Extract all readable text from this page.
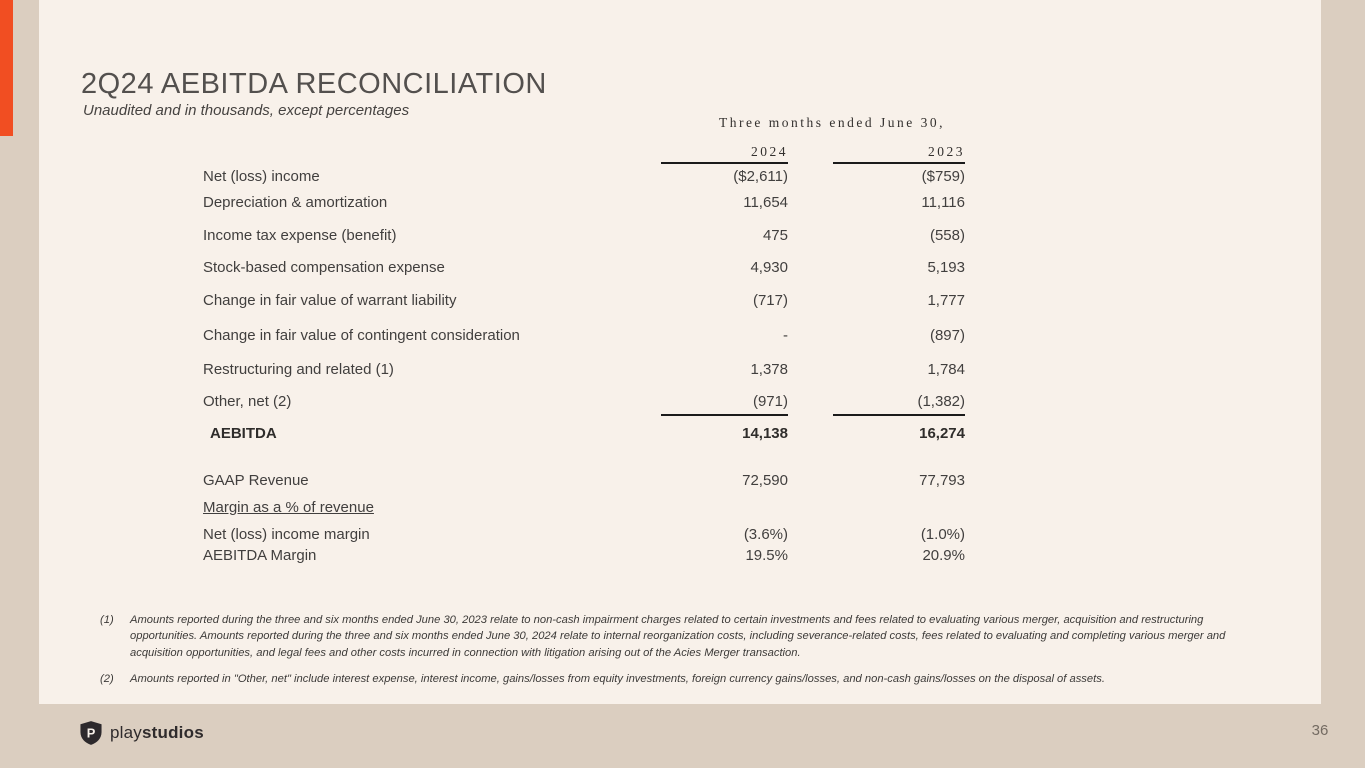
2Q24 AEBITDA RECONCILIATION
Unaudited and in thousands, except percentages
Three months ended June 30,
2024	2023
Net (loss) income	($2,611)	($759)
Depreciation & amortization	11,654	11,116
Income tax expense (benefit)	475	(558)
Stock-based compensation expense	4,930	5,193
Change in fair value of warrant liability	(717)	1,777
Change in fair value of contingent consideration	-	(897)
Restructuring and related (1)	1,378	1,784
Other, net (2)	(971)	(1,382)
AEBITDA	14,138	16,274
GAAP Revenue	72,590	77,793
Margin as a % of revenue
Net (loss) income margin	(3.6%)	(1.0%)
AEBITDA Margin	19.5%	20.9%
(1) Amounts reported during the three and six months ended June 30, 2023 relate to non-cash impairment charges related to certain investments and fees related to evaluating various merger, acquisition and restructuring opportunities. Amounts reported during the three and six months ended June 30, 2024 relate to internal reorganization costs, including severance-related costs, fees related to evaluating and completing various merger and acquisition opportunities, and legal fees and other costs incurred in connection with litigation arising out of the Acies Merger transaction.
(2) Amounts reported in "Other, net" include interest expense, interest income, gains/losses from equity investments, foreign currency gains/losses, and non-cash gains/losses on the disposal of assets.
P playstudios	36
